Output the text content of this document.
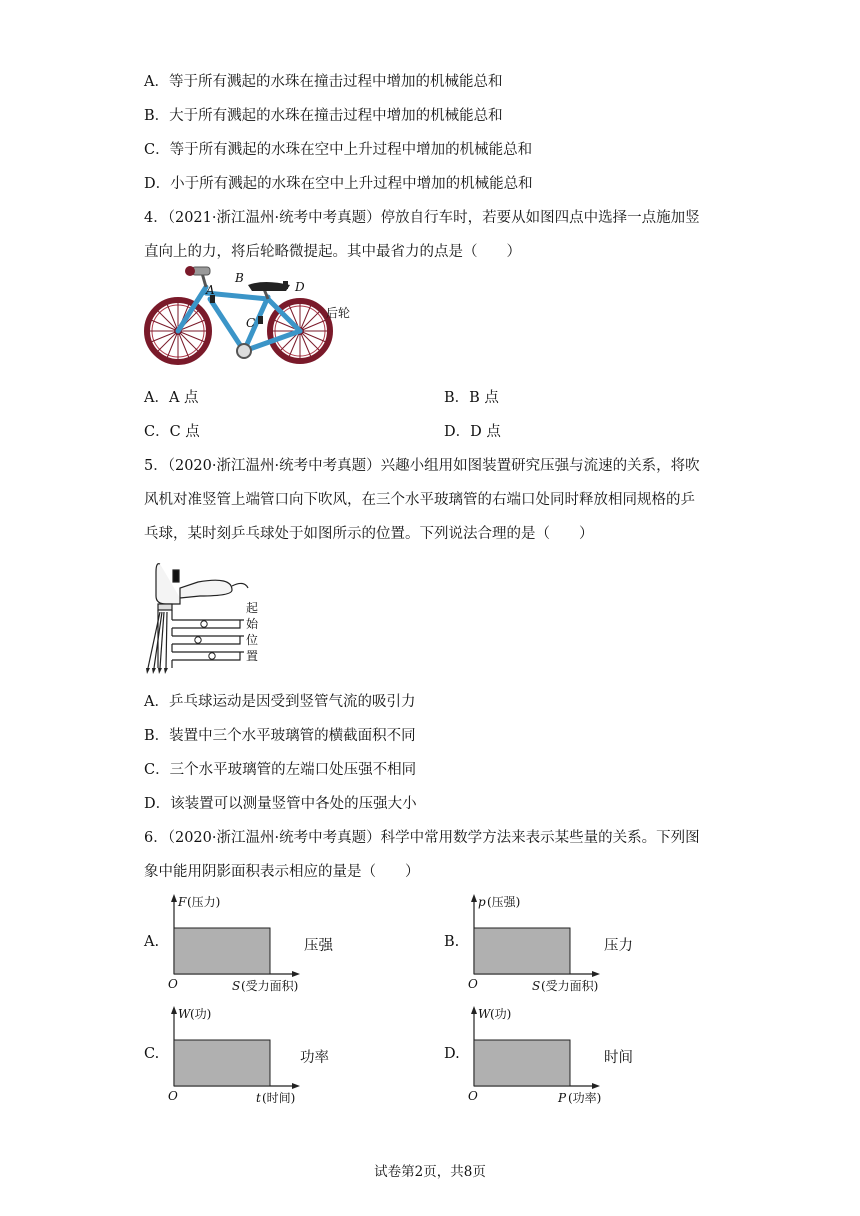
A．等于所有溅起的水珠在撞击过程中增加的机械能总和
B．大于所有溅起的水珠在撞击过程中增加的机械能总和
C．等于所有溅起的水珠在空中上升过程中增加的机械能总和
D．小于所有溅起的水珠在空中上升过程中增加的机械能总和
4．（2021·浙江温州·统考中考真题）停放自行车时，若要从如图四点中选择一点施加竖
直向上的力，将后轮略微提起。其中最省力的点是（　　）
A
B
C
D
后轮
A．A 点	B．B 点
C．C 点	D．D 点
5．（2020·浙江温州·统考中考真题）兴趣小组用如图装置研究压强与流速的关系，将吹
风机对准竖管上端管口向下吹风，在三个水平玻璃管的右端口处同时释放相同规格的乒
乓球，某时刻乒乓球处于如图所示的位置。下列说法合理的是（　　）
起
始
位
置
A．乒乓球运动是因受到竖管气流的吸引力
B．装置中三个水平玻璃管的横截面积不同
C．三个水平玻璃管的左端口处压强不相同
D．该装置可以测量竖管中各处的压强大小
6．（2020·浙江温州·统考中考真题）科学中常用数学方法来表示某些量的关系。下列图
象中能用阴影面积表示相应的量是（　　）
A.
F (压力)
O	S (受力面积)
压强	B.
p (压强)
O	S (受力面积)
压力
C.
W (功)
O	t (时间)
功率	D.
W (功)
O	P (功率)
时间
试卷第2页，共8页
